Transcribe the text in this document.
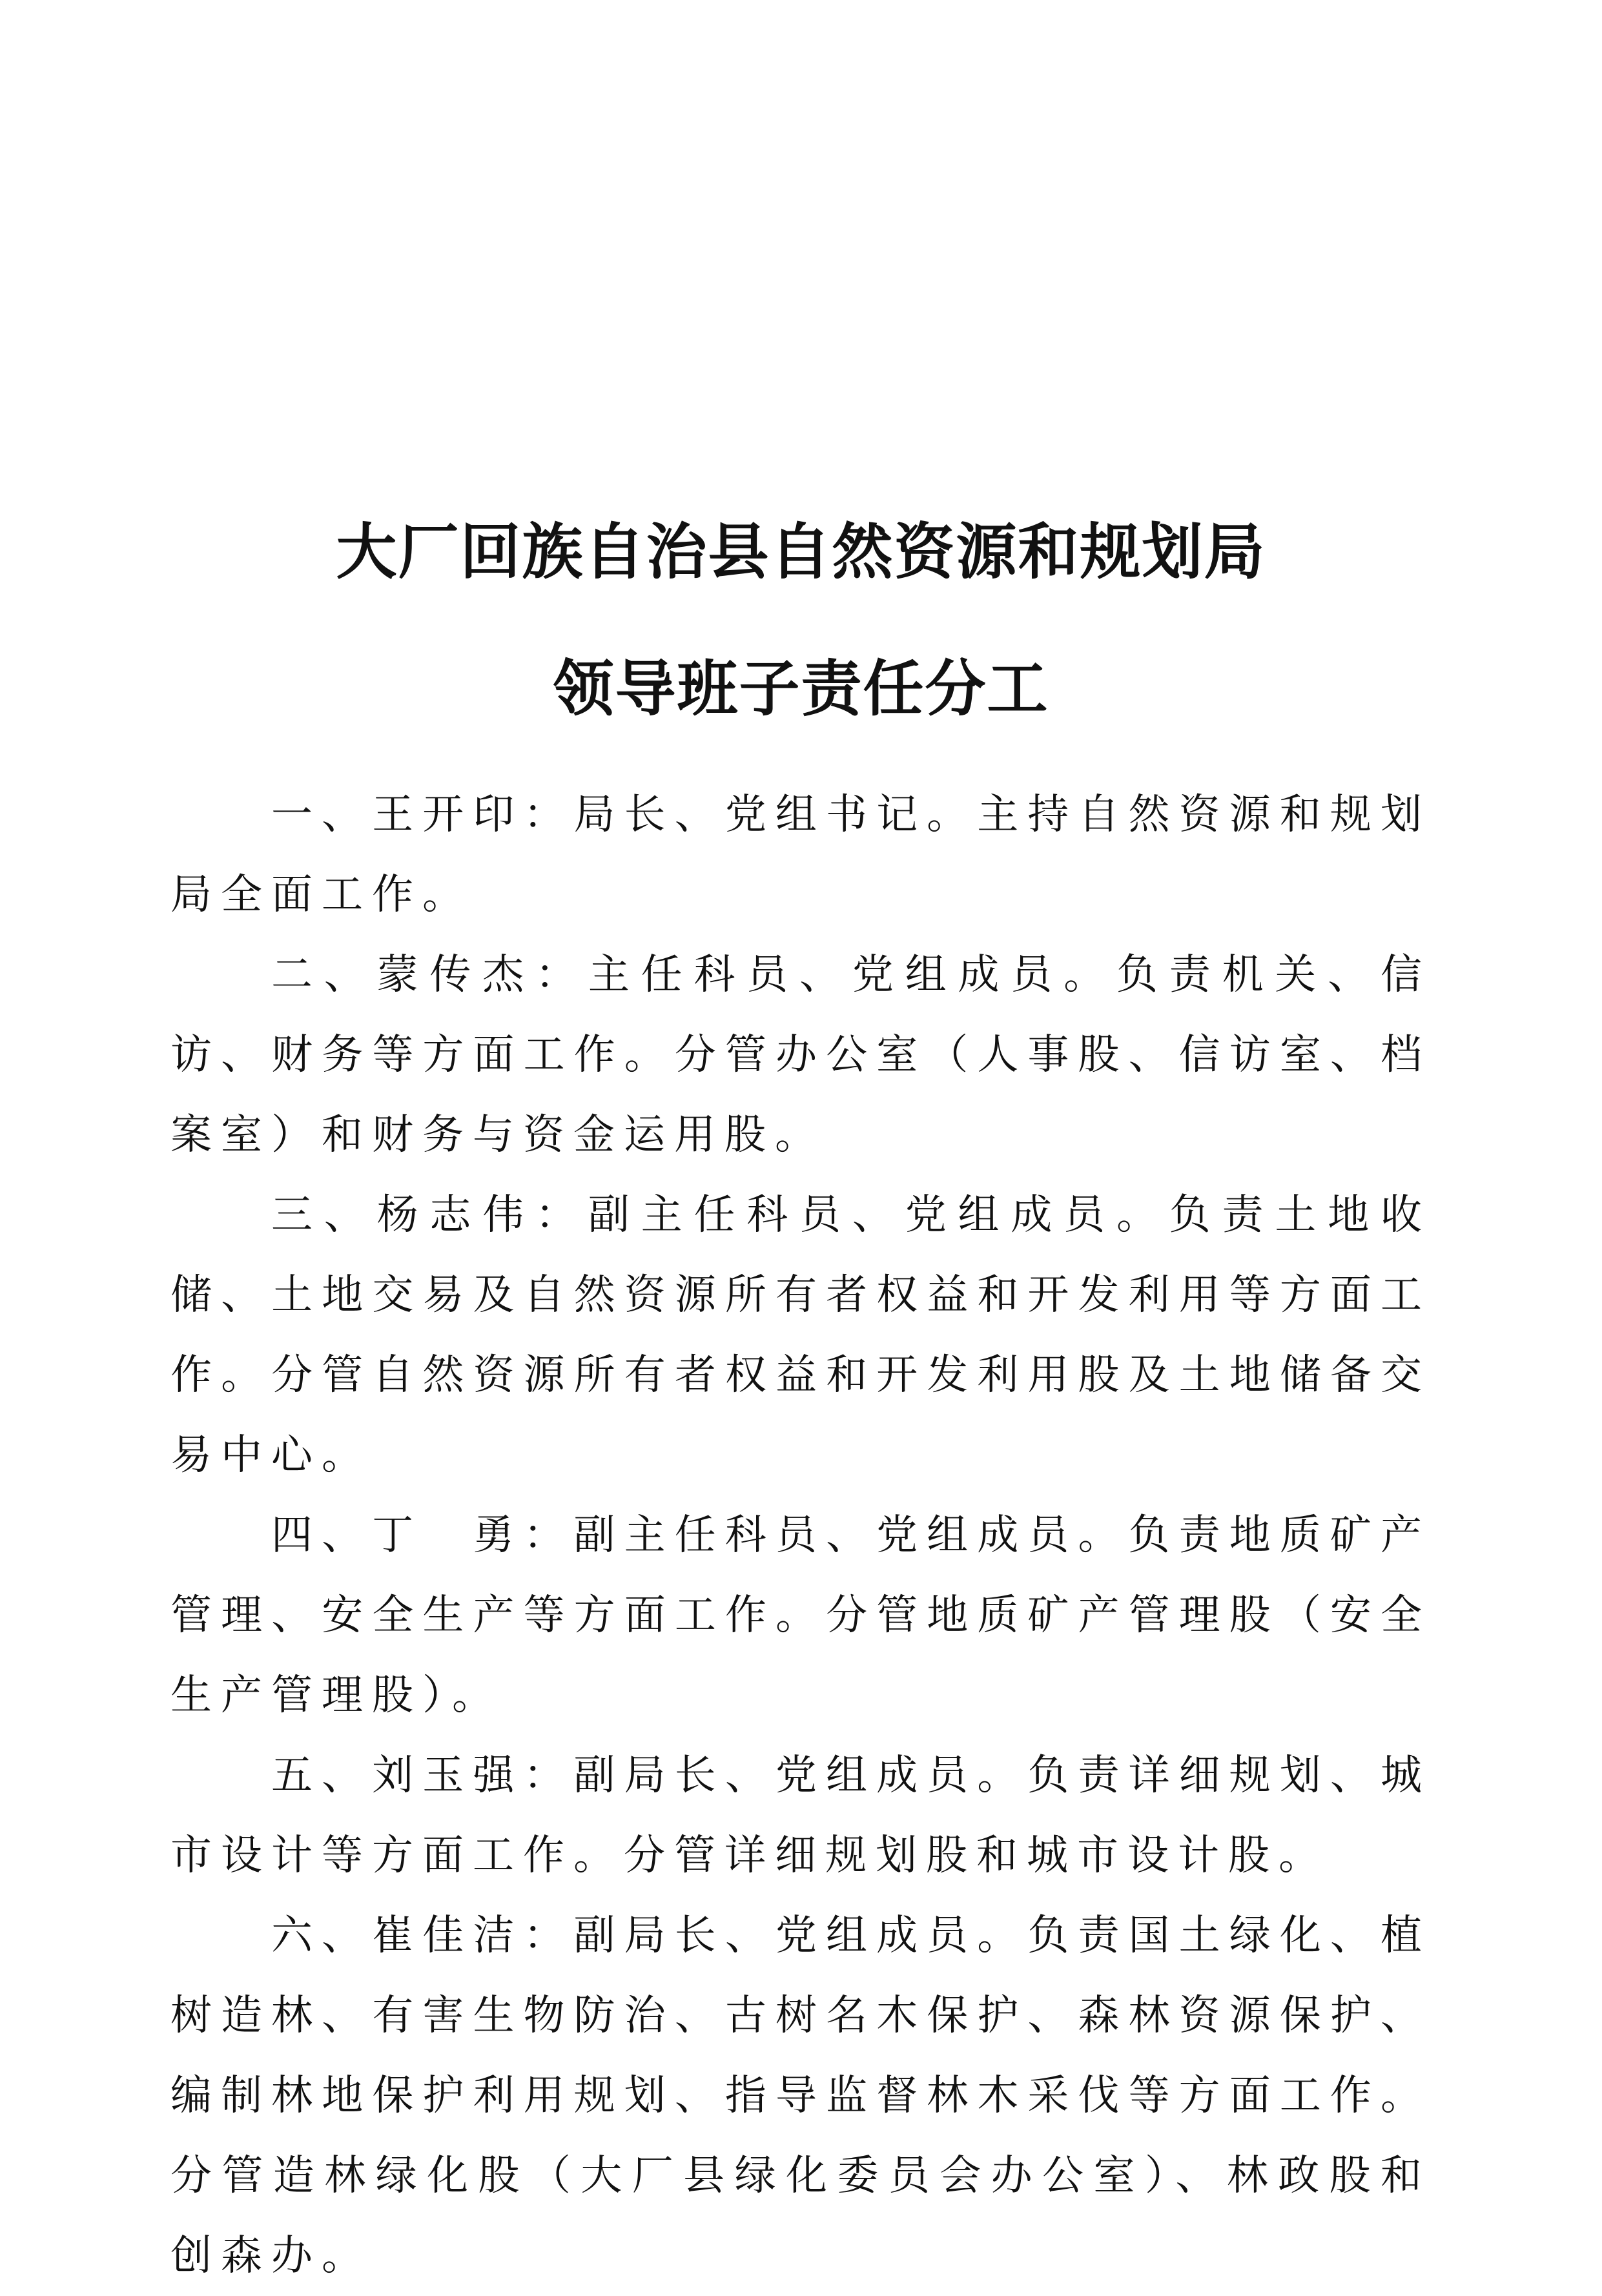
大厂回族自治县自然资源和规划局
领导班子责任分工

一、王开印：局长、党组书记。主持自然资源和规划局全面工作。

二、蒙传杰：主任科员、党组成员。负责机关、信访、财务等方面工作。分管办公室（人事股、信访室、档案室）和财务与资金运用股。

三、杨志伟：副主任科员、党组成员。负责土地收储、土地交易及自然资源所有者权益和开发利用等方面工作。分管自然资源所有者权益和开发利用股及土地储备交易中心。

四、丁　勇：副主任科员、党组成员。负责地质矿产管理、安全生产等方面工作。分管地质矿产管理股（安全生产管理股）。

五、刘玉强：副局长、党组成员。负责详细规划、城市设计等方面工作。分管详细规划股和城市设计股。

六、崔佳洁：副局长、党组成员。负责国土绿化、植树造林、有害生物防治、古树名木保护、森林资源保护、编制林地保护利用规划、指导监督林木采伐等方面工作。分管造林绿化股（大厂县绿化委员会办公室）、林政股和创森办。
